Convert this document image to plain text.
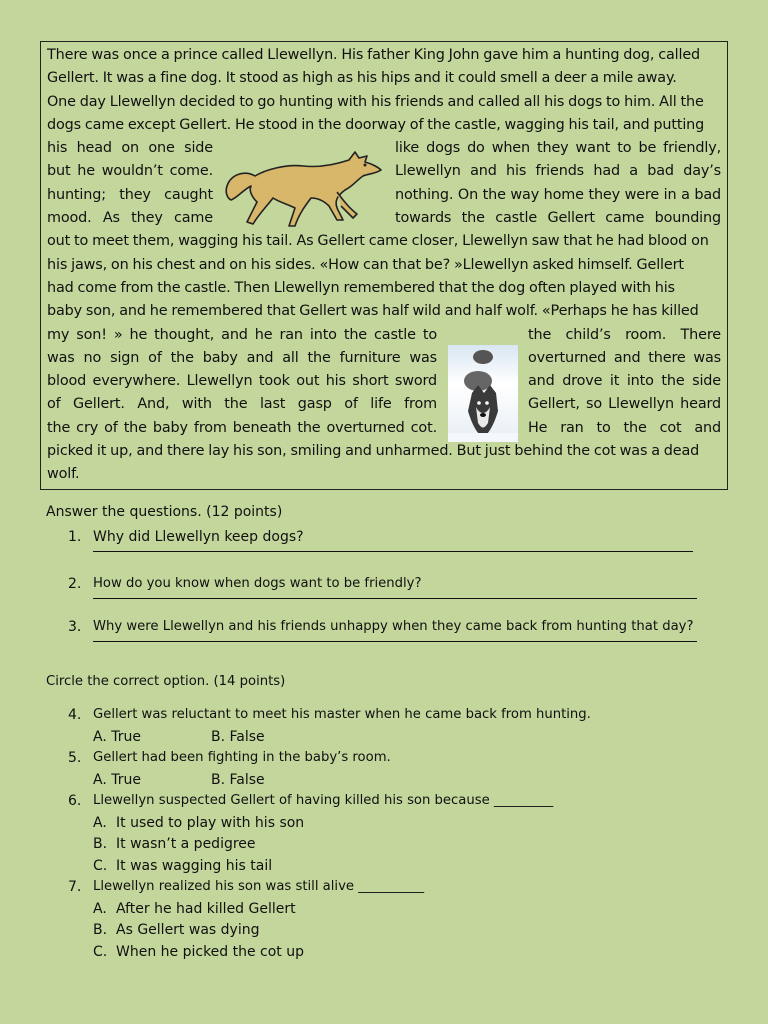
There was once a prince called Llewellyn. His father King John gave him a hunting dog, called
Gellert. It was a fine dog. It stood as high as his hips and it could smell a deer a mile away.
One day Llewellyn decided to go hunting with his friends and called all his dogs to him. All the
dogs came except Gellert. He stood in the doorway of the castle, wagging his tail, and putting
his head on one side
but he wouldn’t come.
hunting; they caught
mood. As they came
like dogs do when they want to be friendly,
Llewellyn and his friends had a bad day’s
nothing. On the way home they were in a bad
towards the castle Gellert came bounding
out to meet them, wagging his tail. As Gellert came closer, Llewellyn saw that he had blood on
his jaws, on his chest and on his sides. «How can that be? »Llewellyn asked himself. Gellert
had come from the castle. Then Llewellyn remembered that the dog often played with his
baby son, and he remembered that Gellert was half wild and half wolf. «Perhaps he has killed
my son! » he thought, and he ran into the castle to
was no sign of the baby and all the furniture was
blood everywhere. Llewellyn took out his short sword
of Gellert. And, with the last gasp of life from
the cry of the baby from beneath the overturned cot.
the child’s room. There
overturned and there was
and drove it into the side
Gellert, so Llewellyn heard
He ran to the cot and
picked it up, and there lay his son, smiling and unharmed. But just behind the cot was a dead
wolf.
Answer the questions. (12 points)
1. Why did Llewellyn keep dogs?
2. How do you know when dogs want to be friendly?
3. Why were Llewellyn and his friends unhappy when they came back from hunting that day?
Circle the correct option. (14 points)
4. Gellert was reluctant to meet his master when he came back from hunting.
A. True	B. False
5. Gellert had been fighting in the baby’s room.
A. True	B. False
6. Llewellyn suspected Gellert of having killed his son because _________
A. It used to play with his son
B. It wasn’t a pedigree
C. It was wagging his tail
7. Llewellyn realized his son was still alive __________
A. After he had killed Gellert
B. As Gellert was dying
C. When he picked the cot up
